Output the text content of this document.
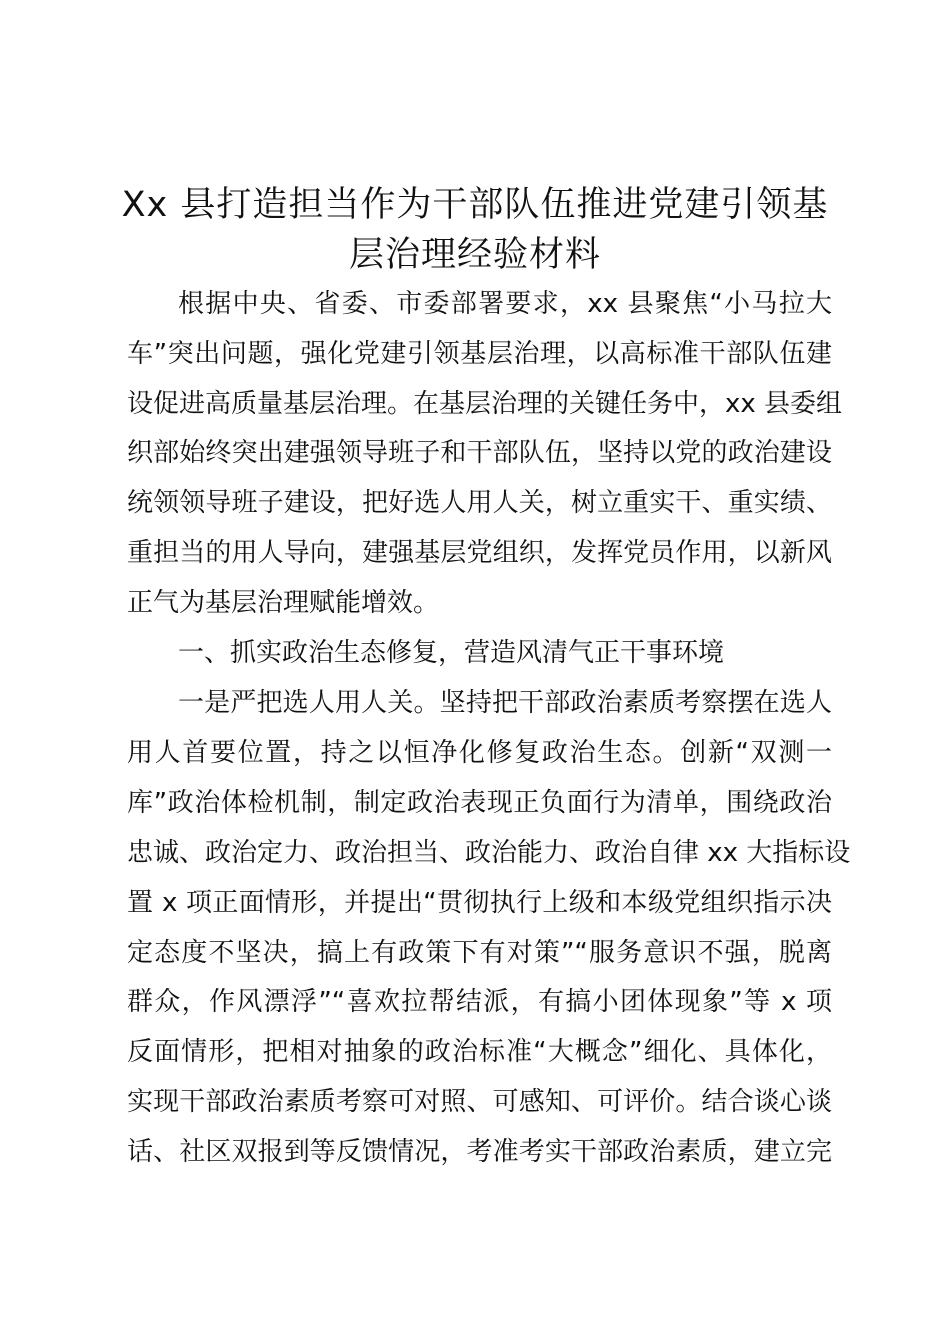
Xx 县打造担当作为干部队伍推进党建引领基
层治理经验材料

根据中央、省委、市委部署要求，xx 县聚焦“小马拉大

车”突出问题，强化党建引领基层治理，以高标准干部队伍建

设促进高质量基层治理。在基层治理的关键任务中，xx 县委组

织部始终突出建强领导班子和干部队伍，坚持以党的政治建设

统领领导班子建设，把好选人用人关，树立重实干、重实绩、

重担当的用人导向，建强基层党组织，发挥党员作用，以新风

正气为基层治理赋能增效。

一、抓实政治生态修复，营造风清气正干事环境

一是严把选人用人关。坚持把干部政治素质考察摆在选人

用人首要位置，持之以恒净化修复政治生态。创新“双测一

库”政治体检机制，制定政治表现正负面行为清单，围绕政治

忠诚、政治定力、政治担当、政治能力、政治自律 xx 大指标设

置 x 项正面情形，并提出“贯彻执行上级和本级党组织指示决

定态度不坚决，搞上有政策下有对策”“服务意识不强，脱离

群众，作风漂浮”“喜欢拉帮结派，有搞小团体现象”等 x 项

反面情形，把相对抽象的政治标准“大概念”细化、具体化，

实现干部政治素质考察可对照、可感知、可评价。结合谈心谈

话、社区双报到等反馈情况，考准考实干部政治素质，建立完
